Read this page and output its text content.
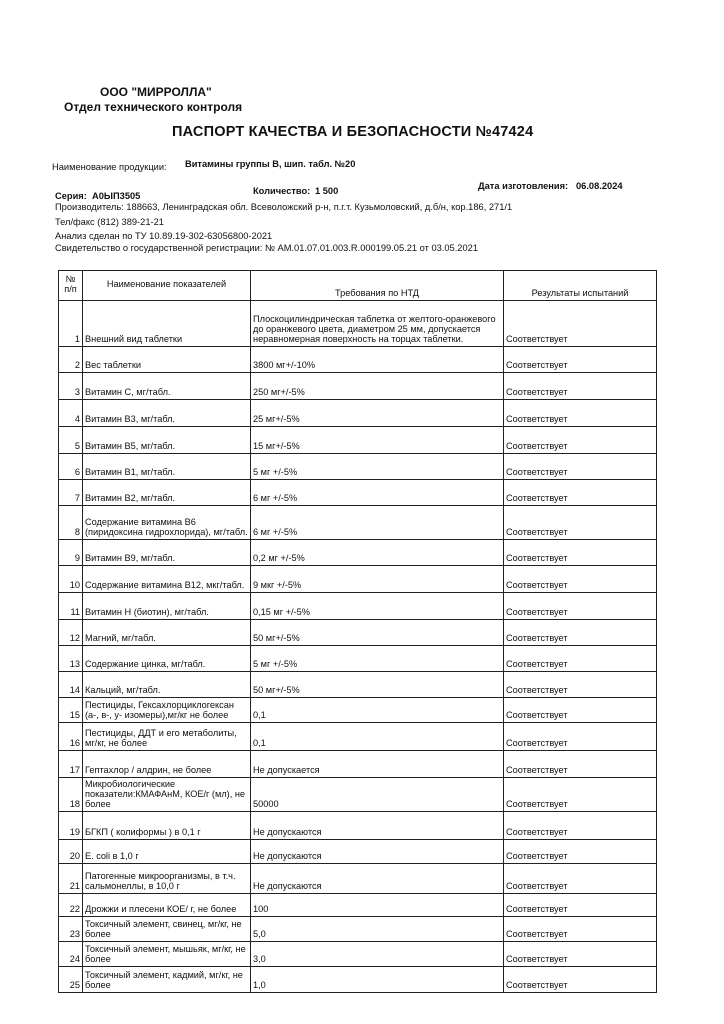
ООО "МИРРОЛЛА"
Отдел технического контроля
ПАСПОРТ КАЧЕСТВА И БЕЗОПАСНОСТИ №47424
Наименование продукции: Витамины группы В, шип. табл. №20
Серия: А0ЫП3505	Количество: 1 500	Дата изготовления: 06.08.2024
Производитель: 188663, Ленинградская обл. Всеволожский р-н, п.г.т. Кузьмоловский, д.б/н, кор.186, 271/1
Тел/факс (812) 389-21-21
Анализ сделан по ТУ 10.89.19-302-63056800-2021
Свидетельство о государственной регистрации: № AM.01.07.01.003.R.000199.05.21 от 03.05.2021
№ п/п	Наименование показателей	Требования по НТД	Результаты испытаний
1	Внешний вид таблетки	Плоскоцилиндрическая таблетка от желтого-оранжевого до оранжевого цвета, диаметром 25 мм, допускается неравномерная поверхность на торцах таблетки.	Соответствует
2	Вес таблетки	3800 мг+/-10%	Соответствует
3	Витамин С, мг/табл.	250 мг+/-5%	Соответствует
4	Витамин В3, мг/табл.	25 мг+/-5%	Соответствует
5	Витамин В5, мг/табл.	15 мг+/-5%	Соответствует
6	Витамин В1, мг/табл.	5 мг +/-5%	Соответствует
7	Витамин В2, мг/табл.	6 мг +/-5%	Соответствует
8	Содержание витамина В6 (пиридоксина гидрохлорида), мг/табл.	6 мг +/-5%	Соответствует
9	Витамин В9, мг/табл.	0,2 мг +/-5%	Соответствует
10	Содержание витамина В12, мкг/табл.	9 мкг +/-5%	Соответствует
11	Витамин Н (биотин), мг/табл.	0,15 мг +/-5%	Соответствует
12	Магний, мг/табл.	50 мг+/-5%	Соответствует
13	Содержание цинка, мг/табл.	5 мг +/-5%	Соответствует
14	Кальций, мг/табл.	50 мг+/-5%	Соответствует
15	Пестициды, Гексахлорциклогексан (а-, в-, у- изомеры),мг/кг не более	0,1	Соответствует
16	Пестициды, ДДТ и его метаболиты, мг/кг, не более	0,1	Соответствует
17	Гептахлор / алдрин, не более	Не допускается	Соответствует
18	Микробиологические показатели:КМАФАнМ, КОЕ/г (мл), не более	50000	Соответствует
19	БГКП ( колиформы ) в 0,1 г	Не допускаются	Соответствует
20	E. coli в 1,0 г	Не допускаются	Соответствует
21	Патогенные микроорганизмы, в т.ч. сальмонеллы, в 10,0 г	Не допускаются	Соответствует
22	Дрожжи и плесени КОЕ/ г, не более	100	Соответствует
23	Токсичный элемент, свинец, мг/кг, не более	5,0	Соответствует
24	Токсичный элемент, мышьяк, мг/кг, не более	3,0	Соответствует
25	Токсичный элемент, кадмий, мг/кг, не более	1,0	Соответствует
